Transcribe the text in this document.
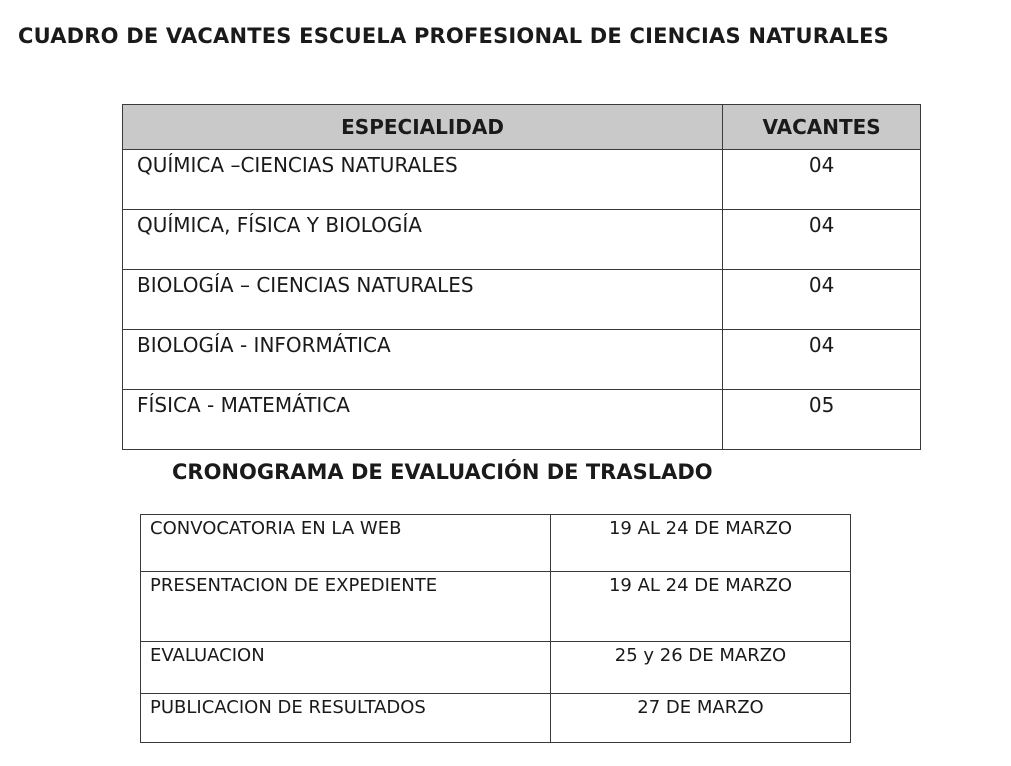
CUADRO DE VACANTES ESCUELA PROFESIONAL DE CIENCIAS NATURALES
ESPECIALIDAD	VACANTES
QUÍMICA –CIENCIAS NATURALES	04
QUÍMICA, FÍSICA Y BIOLOGÍA	04
BIOLOGÍA – CIENCIAS NATURALES	04
BIOLOGÍA - INFORMÁTICA	04
FÍSICA - MATEMÁTICA	05
CRONOGRAMA DE EVALUACIÓN DE TRASLADO
CONVOCATORIA EN LA WEB	19 AL 24 DE MARZO
PRESENTACION DE EXPEDIENTE	19 AL 24 DE MARZO
EVALUACION	25 y 26 DE MARZO
PUBLICACION DE RESULTADOS	27 DE MARZO
